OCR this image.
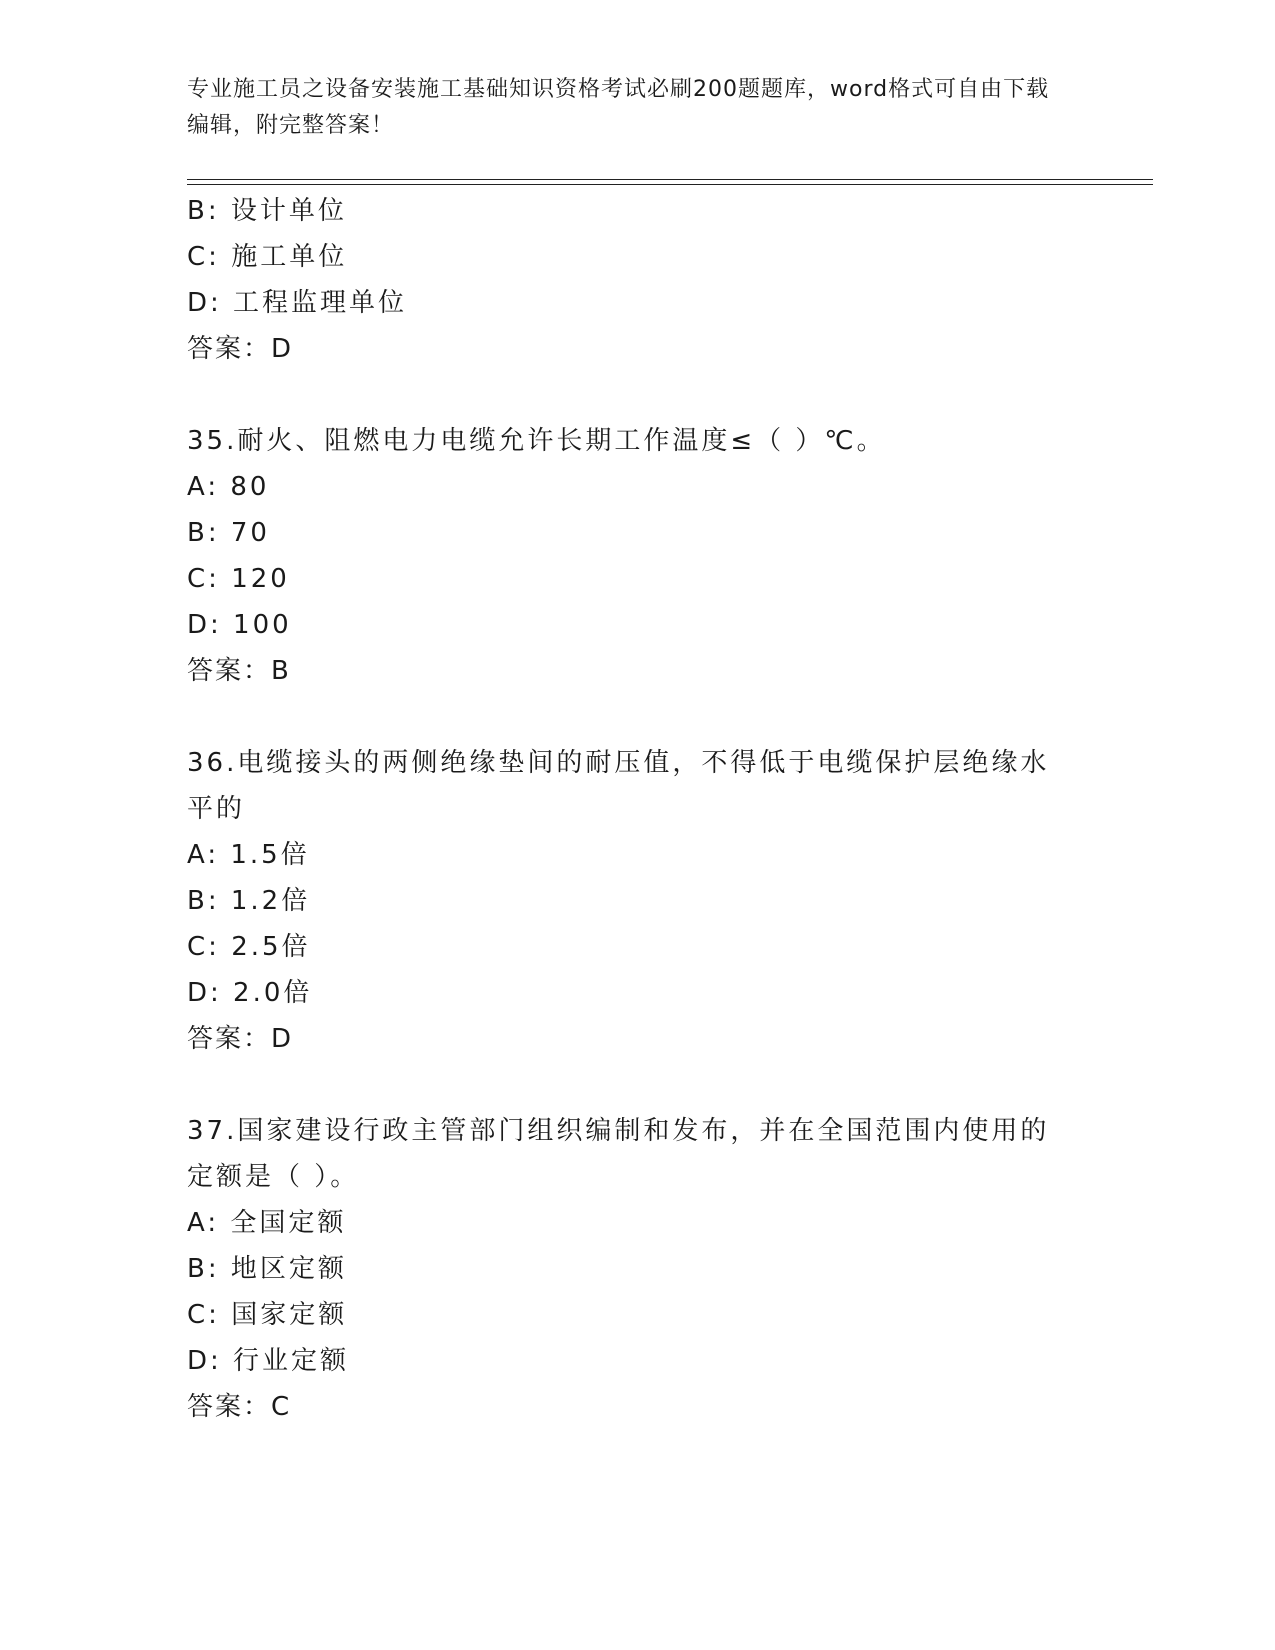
专业施工员之设备安装施工基础知识资格考试必刷200题题库，word格式可自由下载编辑，附完整答案！

B: 设计单位
C: 施工单位
D: 工程监理单位
答案：D
35.耐火、阻燃电力电缆允许长期工作温度≤（ ）℃。
A: 80
B: 70
C: 120
D: 100
答案：B
36.电缆接头的两侧绝缘垫间的耐压值，不得低于电缆保护层绝缘水平的
A: 1.5倍
B: 1.2倍
C: 2.5倍
D: 2.0倍
答案：D
37.国家建设行政主管部门组织编制和发布，并在全国范围内使用的定额是（ ）。
A: 全国定额
B: 地区定额
C: 国家定额
D: 行业定额
答案：C
